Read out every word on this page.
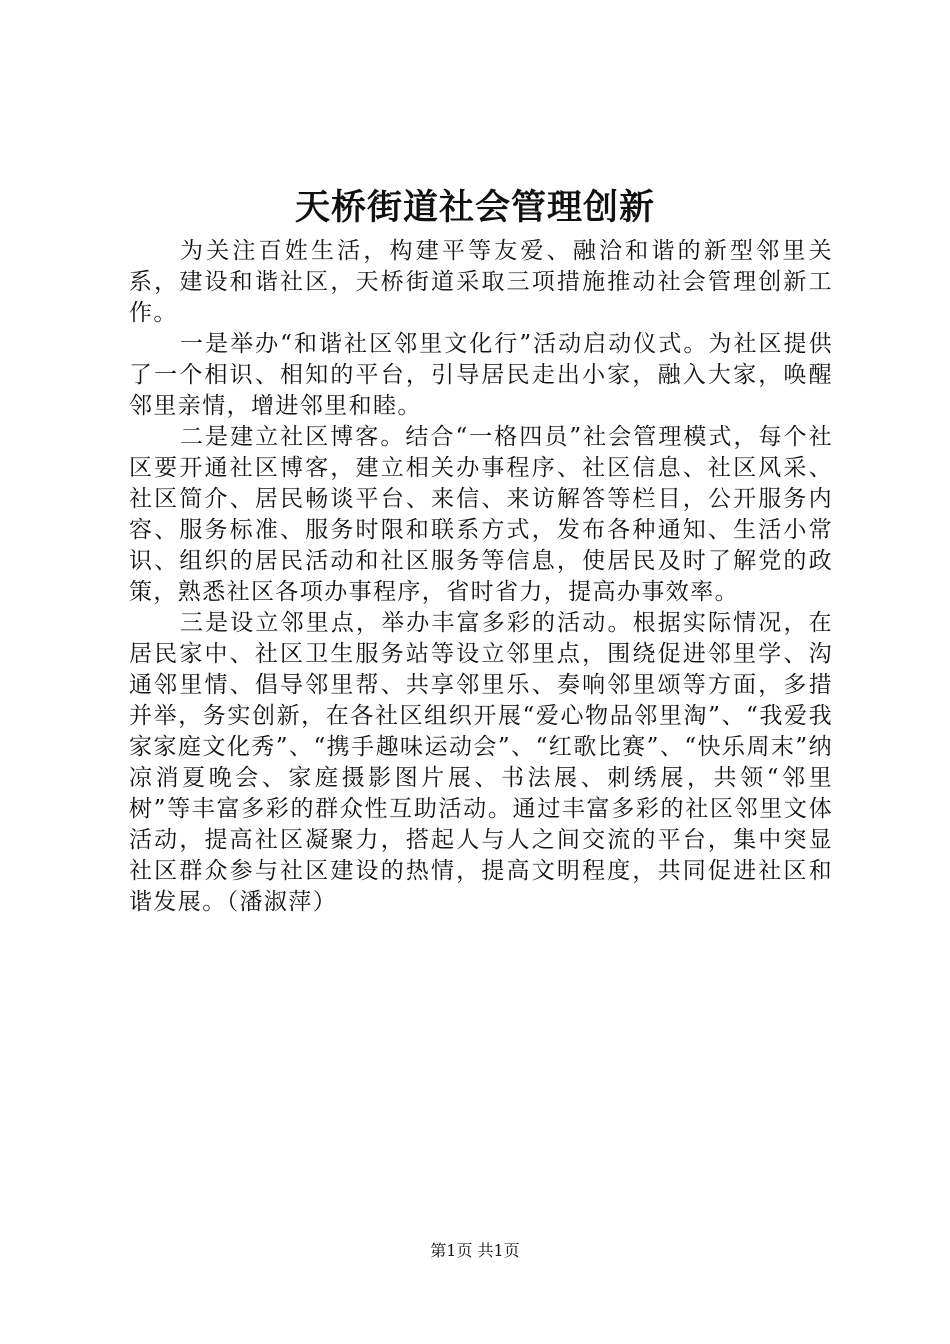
天桥街道社会管理创新

为关注百姓生活，构建平等友爱、融洽和谐的新型邻里关系，建设和谐社区，天桥街道采取三项措施推动社会管理创新工作。

一是举办“和谐社区邻里文化行”活动启动仪式。为社区提供了一个相识、相知的平台，引导居民走出小家，融入大家，唤醒邻里亲情，增进邻里和睦。

二是建立社区博客。结合“一格四员”社会管理模式，每个社区要开通社区博客，建立相关办事程序、社区信息、社区风采、社区简介、居民畅谈平台、来信、来访解答等栏目，公开服务内容、服务标准、服务时限和联系方式，发布各种通知、生活小常识、组织的居民活动和社区服务等信息，使居民及时了解党的政策，熟悉社区各项办事程序，省时省力，提高办事效率。

三是设立邻里点，举办丰富多彩的活动。根据实际情况，在居民家中、社区卫生服务站等设立邻里点，围绕促进邻里学、沟通邻里情、倡导邻里帮、共享邻里乐、奏响邻里颂等方面，多措并举，务实创新，在各社区组织开展“爱心物品邻里淘”、“我爱我家家庭文化秀”、“携手趣味运动会”、“红歌比赛”、“快乐周末”纳凉消夏晚会、家庭摄影图片展、书法展、刺绣展，共领“邻里树”等丰富多彩的群众性互助活动。通过丰富多彩的社区邻里文体活动，提高社区凝聚力，搭起人与人之间交流的平台，集中突显社区群众参与社区建设的热情，提高文明程度，共同促进社区和谐发展。（潘淑萍）

第1页 共1页
